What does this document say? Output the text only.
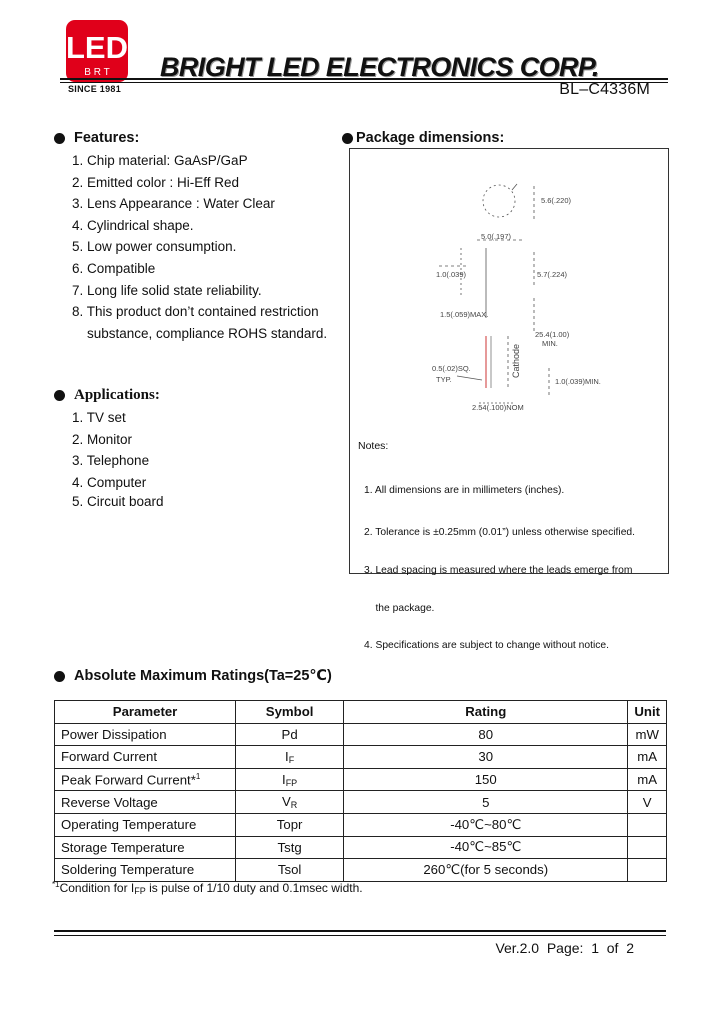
LED
B R T
SINCE 1981
BRIGHT LED ELECTRONICS CORP.
BL–C4336M
Features:
1. Chip material: GaAsP/GaP
2. Emitted color : Hi-Eff Red
3. Lens Appearance : Water Clear
4. Cylindrical shape.
5. Low power consumption.
6. Compatible
7. Long life solid state reliability.
8. This product don’t contained restriction
substance, compliance ROHS standard.
Applications:
1. TV set
2. Monitor
3. Telephone
4. Computer
5. Circuit board
Package dimensions:
5.6(.220)
5.0(.197)
1.0(.039)	5.7(.224)
1.5(.059)MAX.
25.4(1.00)
MIN.
0.5(.02)SQ.
TYP.	1.0(.039)MIN.
2.54(.100)NOM
Cathode
Notes:

1. All dimensions are in millimeters (inches).

2. Tolerance is ±0.25mm (0.01”) unless otherwise specified.

3. Lead spacing is measured where the leads emerge from

the package.

4. Specifications are subject to change without notice.

Absolute Maximum Ratings(Ta=25℃)
Parameter	Symbol	Rating	Unit
Power Dissipation	Pd	80	mW
Forward Current	$I_F$	30	mA
Peak Forward Current*$^1$	$I_{FP}$	150	mA
Reverse Voltage	$V_R$	5	V
Operating Temperature	Topr	-40℃~80℃	
Storage Temperature	Tstg	-40℃~85℃	
Soldering Temperature	Tsol	260℃(for 5 seconds)	
$^{*1}$Condition for $I_{FP}$ is pulse of 1/10 duty and 0.1msec width.
Ver.2.0  Page:  1  of  2
